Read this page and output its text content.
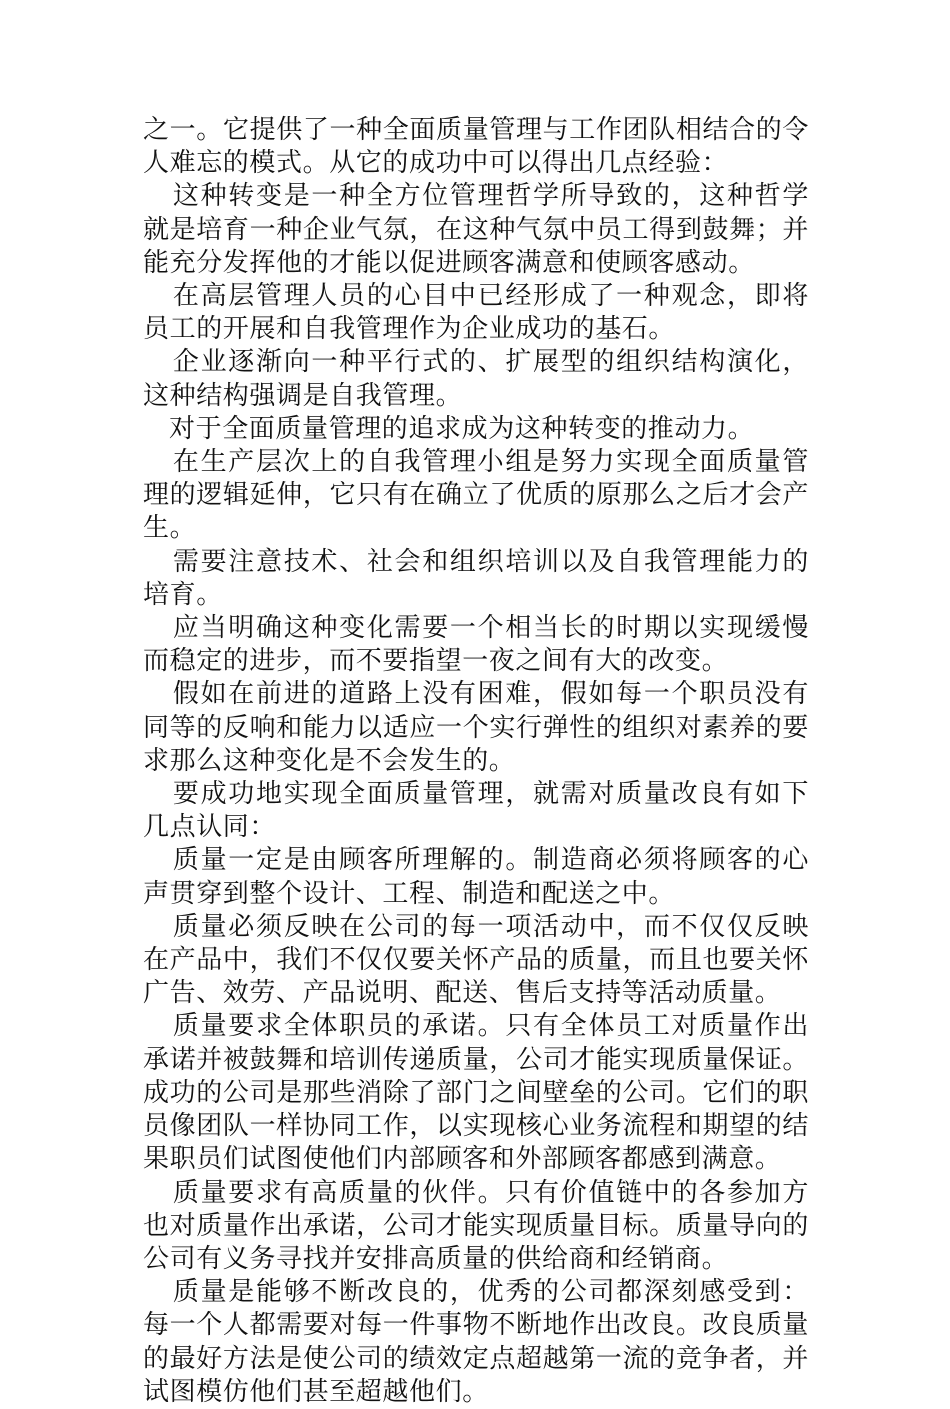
之一。它提供了一种全面质量管理与工作团队相结合的令人难忘的模式。从它的成功中可以得出几点经验：

这种转变是一种全方位管理哲学所导致的，这种哲学就是培育一种企业气氛，在这种气氛中员工得到鼓舞；并能充分发挥他的才能以促进顾客满意和使顾客感动。

在高层管理人员的心目中已经形成了一种观念，即将员工的开展和自我管理作为企业成功的基石。

企业逐渐向一种平行式的、扩展型的组织结构演化，这种结构强调是自我管理。

对于全面质量管理的追求成为这种转变的推动力。

在生产层次上的自我管理小组是努力实现全面质量管理的逻辑延伸，它只有在确立了优质的原那么之后才会产生。

需要注意技术、社会和组织培训以及自我管理能力的培育。

应当明确这种变化需要一个相当长的时期以实现缓慢而稳定的进步，而不要指望一夜之间有大的改变。

假如在前进的道路上没有困难，假如每一个职员没有同等的反响和能力以适应一个实行弹性的组织对素养的要求那么这种变化是不会发生的。

要成功地实现全面质量管理，就需对质量改良有如下几点认同：

质量一定是由顾客所理解的。制造商必须将顾客的心声贯穿到整个设计、工程、制造和配送之中。

质量必须反映在公司的每一项活动中，而不仅仅反映在产品中，我们不仅仅要关怀产品的质量，而且也要关怀广告、效劳、产品说明、配送、售后支持等活动质量。

质量要求全体职员的承诺。只有全体员工对质量作出承诺并被鼓舞和培训传递质量，公司才能实现质量保证。成功的公司是那些消除了部门之间壁垒的公司。它们的职员像团队一样协同工作，以实现核心业务流程和期望的结果职员们试图使他们内部顾客和外部顾客都感到满意。

质量要求有高质量的伙伴。只有价值链中的各参加方也对质量作出承诺，公司才能实现质量目标。质量导向的公司有义务寻找并安排高质量的供给商和经销商。

质量是能够不断改良的，优秀的公司都深刻感受到：每一个人都需要对每一件事物不断地作出改良。改良质量的最好方法是使公司的绩效定点超越第一流的竞争者，并试图模仿他们甚至超越他们。
